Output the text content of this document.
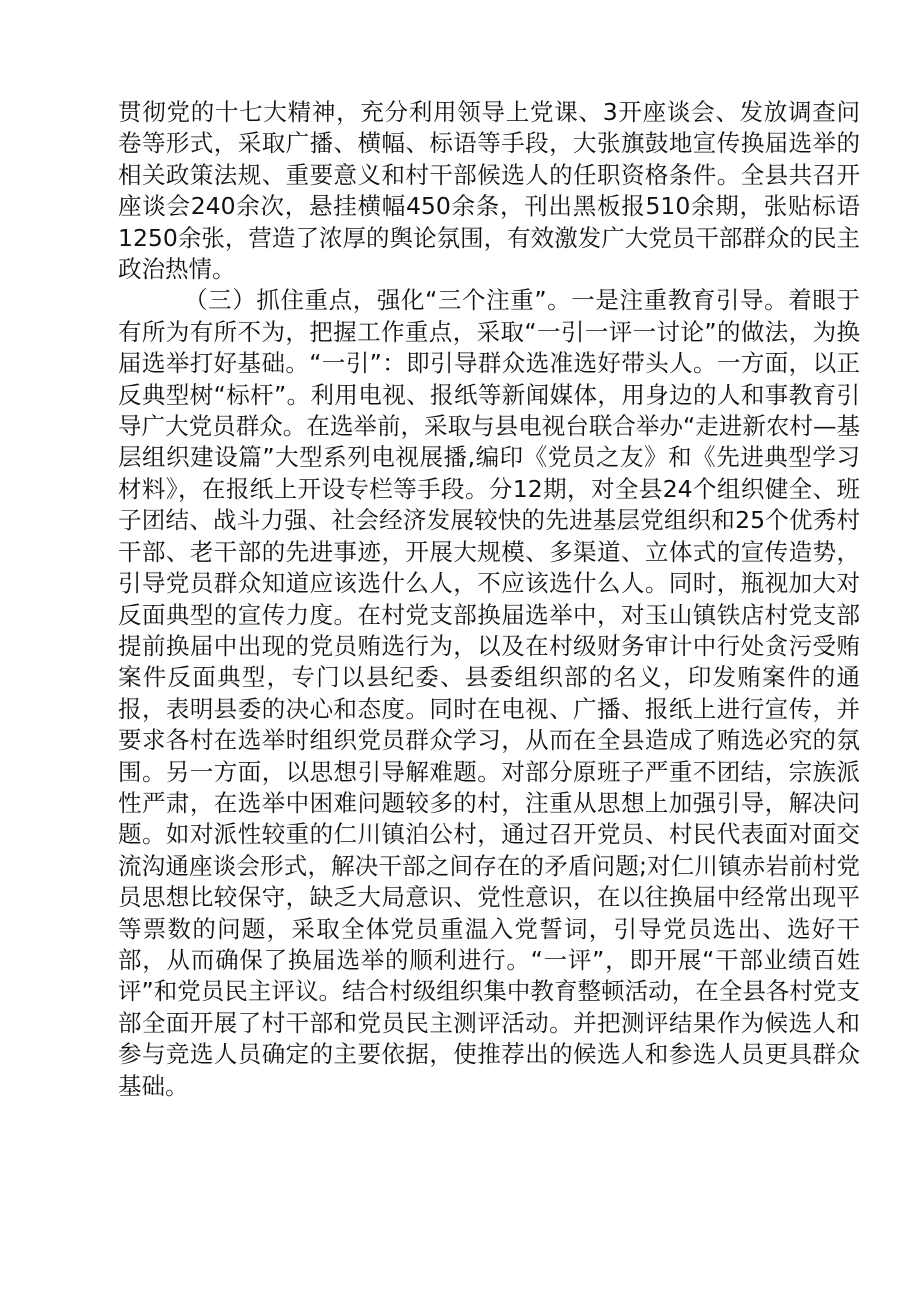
贯彻党的十七大精神，充分利用领导上党课、3开座谈会、发放调查问卷等形式，采取广播、横幅、标语等手段，大张旗鼓地宣传换届选举的相关政策法规、重要意义和村干部候选人的任职资格条件。全县共召开座谈会240余次，悬挂横幅450余条，刊出黑板报510余期，张贴标语1250余张，营造了浓厚的舆论氛围，有效激发广大党员干部群众的民主政治热情。

（三）抓住重点，强化“三个注重”。一是注重教育引导。着眼于有所为有所不为，把握工作重点，采取“一引一评一讨论”的做法，为换届选举打好基础。“一引”：即引导群众选准选好带头人。一方面，以正反典型树“标杆”。利用电视、报纸等新闻媒体，用身边的人和事教育引导广大党员群众。在选举前，采取与县电视台联合举办“走进新农村—基层组织建设篇”大型系列电视展播,编印《党员之友》和《先进典型学习材料》，在报纸上开设专栏等手段。分12期，对全县24个组织健全、班子团结、战斗力强、社会经济发展较快的先进基层党组织和25个优秀村干部、老干部的先进事迹，开展大规模、多渠道、立体式的宣传造势，引导党员群众知道应该选什么人，不应该选什么人。同时，瓶视加大对反面典型的宣传力度。在村党支部换届选举中，对玉山镇铁店村党支部提前换届中出现的党员贿选行为，以及在村级财务审计中行处贪污受贿案件反面典型，专门以县纪委、县委组织部的名义，印发贿案件的通报，表明县委的决心和态度。同时在电视、广播、报纸上进行宣传，并要求各村在选举时组织党员群众学习，从而在全县造成了贿选必究的氛围。另一方面，以思想引导解难题。对部分原班子严重不团结，宗族派性严肃，在选举中困难问题较多的村，注重从思想上加强引导，解决问题。如对派性较重的仁川镇泊公村，通过召开党员、村民代表面对面交流沟通座谈会形式，解决干部之间存在的矛盾问题;对仁川镇赤岩前村党员思想比较保守，缺乏大局意识、党性意识，在以往换届中经常出现平等票数的问题，采取全体党员重温入党誓词，引导党员选出、选好干部，从而确保了换届选举的顺利进行。“一评”，即开展“干部业绩百姓评”和党员民主评议。结合村级组织集中教育整顿活动，在全县各村党支部全面开展了村干部和党员民主测评活动。并把测评结果作为候选人和参与竞选人员确定的主要依据，使推荐出的候选人和参选人员更具群众基础。
